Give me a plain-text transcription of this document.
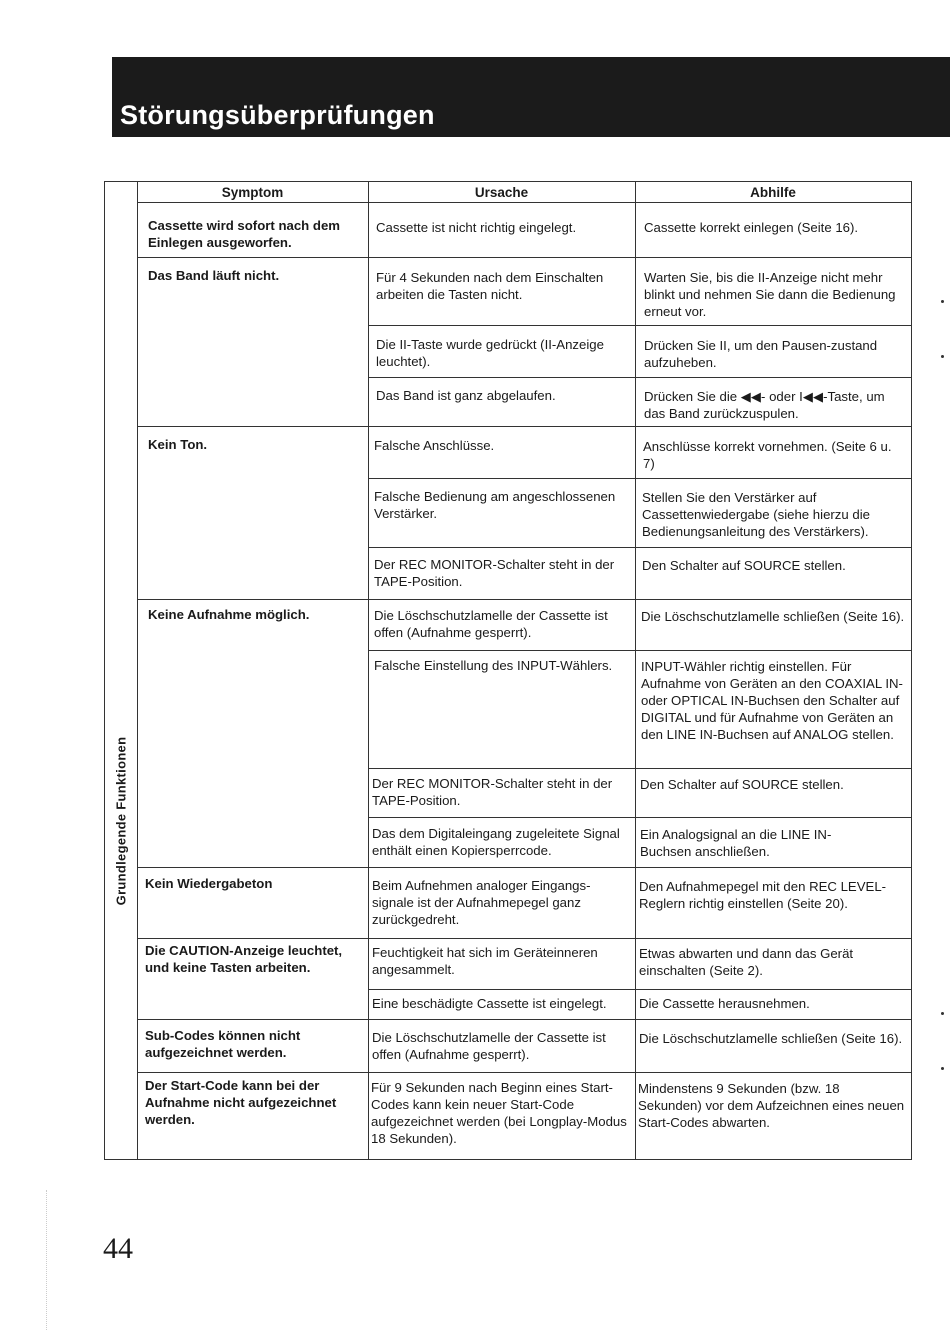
Störungsüberprüfungen
Grundlegende Funktionen
Symptom	Ursache	Abhilfe
Cassette wird sofort nach dem Einlegen ausgeworfen.
Das Band läuft nicht.
Kein Ton.
Keine Aufnahme möglich.
Kein Wiedergabeton
Die CAUTION-Anzeige leuchtet, und keine Tasten arbeiten.
Sub-Codes können nicht aufgezeichnet werden.
Der Start-Code kann bei der Aufnahme nicht aufgezeichnet werden.
Cassette ist nicht richtig eingelegt.
Für 4 Sekunden nach dem Einschalten arbeiten die Tasten nicht.
Die II-Taste wurde gedrückt (II-Anzeige leuchtet).
Das Band ist ganz abgelaufen.
Falsche Anschlüsse.
Falsche Bedienung am angeschlossenen Verstärker.
Der REC MONITOR-Schalter steht in der TAPE-Position.
Die Löschschutzlamelle der Cassette ist offen (Aufnahme gesperrt).
Falsche Einstellung des INPUT-Wählers.
Der REC MONITOR-Schalter steht in der TAPE-Position.
Das dem Digitaleingang zugeleitete Signal enthält einen Kopiersperrcode.
Beim Aufnehmen analoger Eingangs-signale ist der Aufnahmepegel ganz zurückgedreht.
Feuchtigkeit hat sich im Geräteinneren angesammelt.
Eine beschädigte Cassette ist eingelegt.
Die Löschschutzlamelle der Cassette ist offen (Aufnahme gesperrt).
Für 9 Sekunden nach Beginn eines Start-Codes kann kein neuer Start-Code aufgezeichnet werden (bei Longplay-Modus 18 Sekunden).
Cassette korrekt einlegen (Seite 16).
Warten Sie, bis die II-Anzeige nicht mehr blinkt und nehmen Sie dann die Bedienung erneut vor.
Drücken Sie II, um den Pausen-zustand aufzuheben.
Drücken Sie die ◀◀- oder I◀◀-Taste, um das Band zurückzuspulen.
Anschlüsse korrekt vornehmen. (Seite 6 u. 7)
Stellen Sie den Verstärker auf Cassettenwiedergabe (siehe hierzu die Bedienungsanleitung des Verstärkers).
Den Schalter auf SOURCE stellen.
Die Löschschutzlamelle schließen (Seite 16).
INPUT-Wähler richtig einstellen. Für Aufnahme von Geräten an den COAXIAL IN- oder OPTICAL IN-Buchsen den Schalter auf DIGITAL und für Aufnahme von Geräten an den LINE IN-Buchsen auf ANALOG stellen.
Den Schalter auf SOURCE stellen.
Ein Analogsignal an die LINE IN-Buchsen anschließen.
Den Aufnahmepegel mit den REC LEVEL-Reglern richtig einstellen (Seite 20).
Etwas abwarten und dann das Gerät einschalten (Seite 2).
Die Cassette herausnehmen.
Die Löschschutzlamelle schließen (Seite 16).
Mindenstens 9 Sekunden (bzw. 18 Sekunden) vor dem Aufzeichnen eines neuen Start-Codes abwarten.
44
